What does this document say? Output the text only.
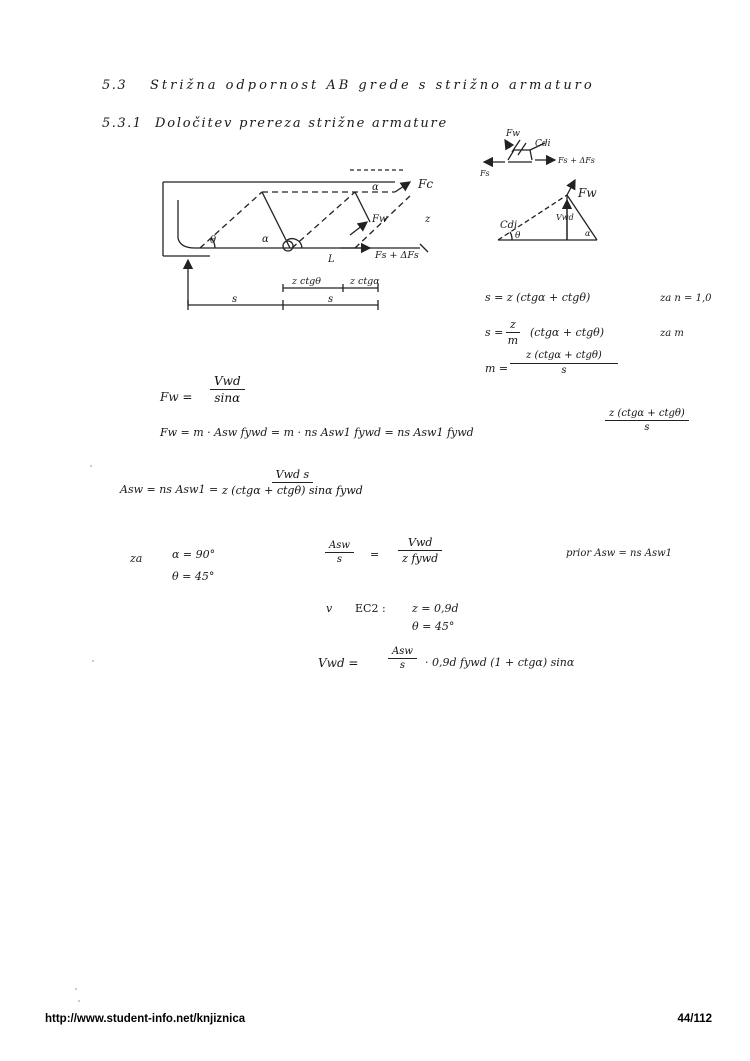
5.3 Strižna odpornost AB grede s strižno armaturo
5.3.1 Določitev prereza strižne armature
θ	α
α	Fc
Fw	z
Fs + ΔFs
L
z ctgθ	z ctgα
s	s
Fw
Cdi
Fs
Fs + ΔFs
Fw
Vwd
Cdi
θ	α
s = z (ctgα + ctgθ)	za n = 1,0
$s = \frac{z}{m} (ctg\alpha + ctg\theta)$	za m
m =
z (ctgα + ctgθ)
s
Fw =
Vwd
sinα
Fw = m · Asw fywd = m · ns Asw1 fywd = ns Asw1 fywd
z (ctgα + ctgθ)
s
Asw = ns Asw1 =
Vwd s
z (ctgα + ctgθ) sinα fywd
za	α = 90°
θ = 45°
Asw
s	=
Vwd
z fywd	prior Asw = ns Asw1
v EC2 : z = 0,9d
θ = 45°
Vwd =
Asw
s · 0,9d fywd (1 + ctgα) sinα
http://www.student-info.net/knjiznica	44/112
